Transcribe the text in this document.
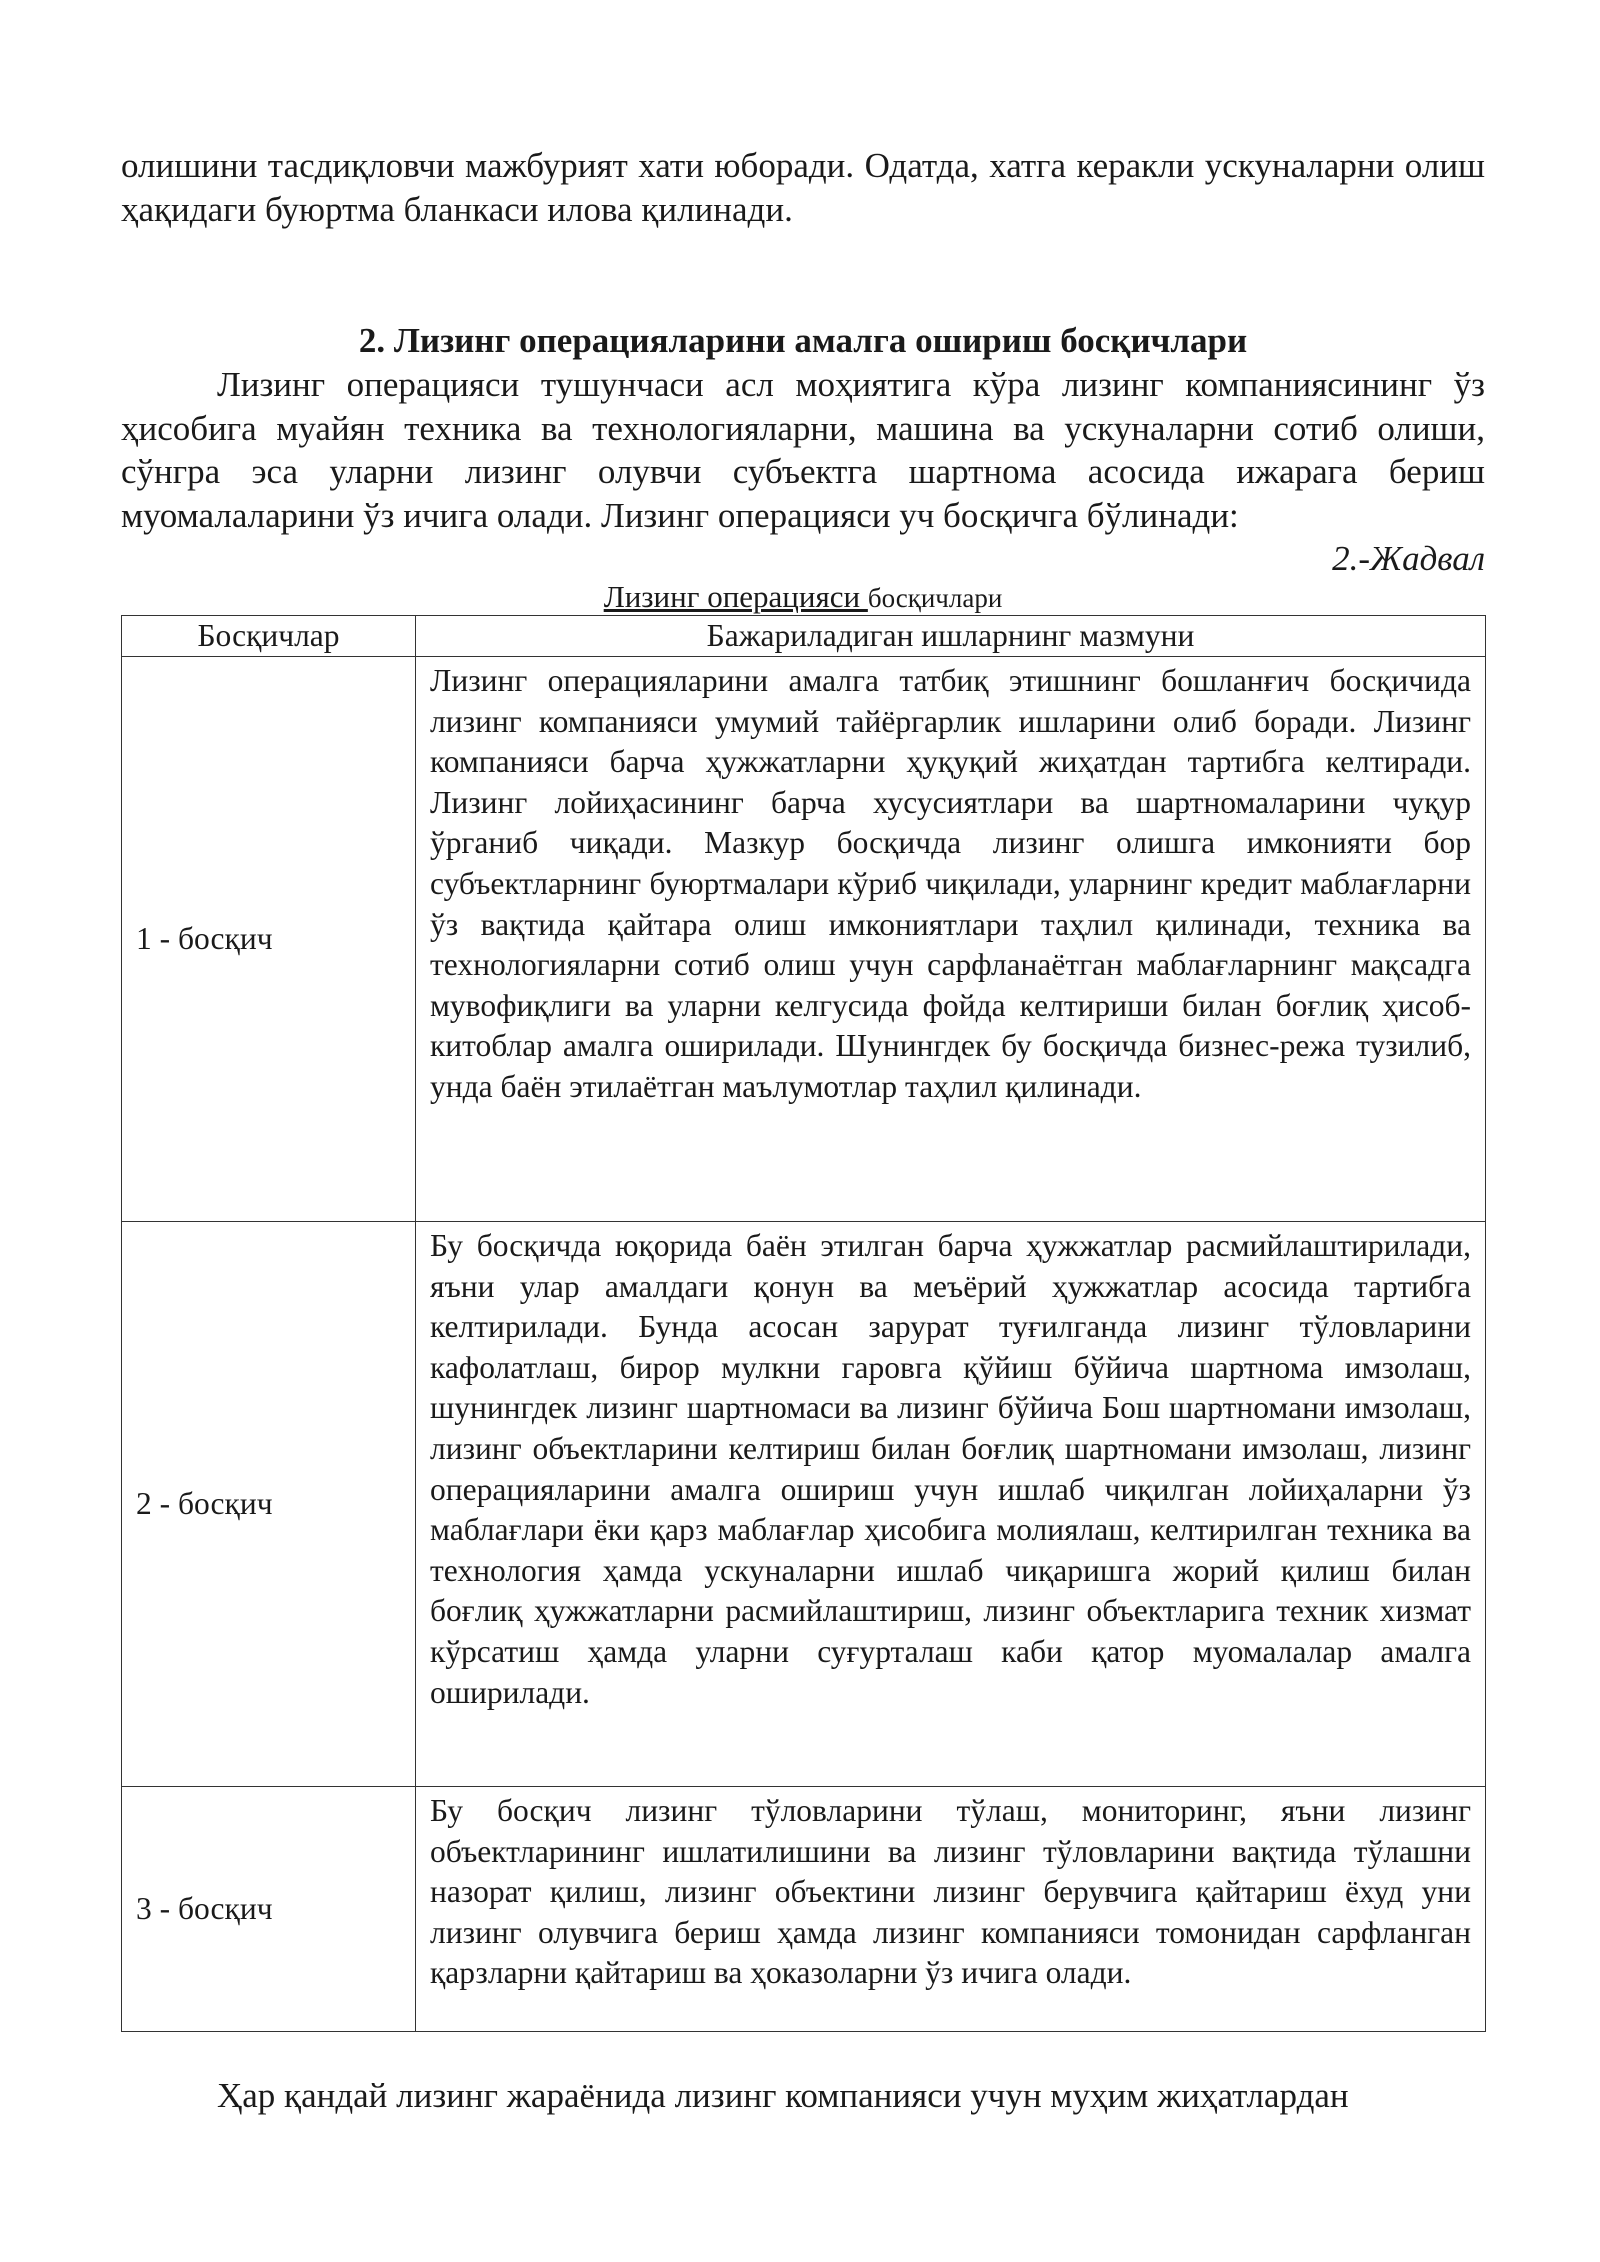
олишини тасдиқловчи мажбурият хати юборади. Одатда, хатга керакли ускуналарни олиш ҳақидаги буюртма бланкаси илова қилинади.

2. Лизинг операцияларини амалга ошириш босқичлари

Лизинг операцияси тушунчаси асл моҳиятига кўра лизинг компаниясининг ўз ҳисобига муайян техника ва технологияларни, машина ва ускуналарни сотиб олиши, сўнгра эса уларни лизинг олувчи субъектга шартнома асосида ижарага бериш муомалаларини ўз ичига олади. Лизинг операцияси уч босқичга бўлинади:

2.-Жадвал

Лизинг операцияси босқичлари

Босқичлар	Бажариладиган ишларнинг мазмуни
1 - босқич	Лизинг операцияларини амалга татбиқ этишнинг бошланғич босқичида лизинг компанияси умумий тайёргарлик ишларини олиб боради. Лизинг компанияси барча ҳужжатларни ҳуқуқий жиҳатдан тартибга келтиради. Лизинг лойиҳасининг барча хусусиятлари ва шартномаларини чуқур ўрганиб чиқади. Мазкур босқичда лизинг олишга имконияти бор субъектларнинг буюртмалари кўриб чиқилади, уларнинг кредит маблағларни ўз вақтида қайтара олиш имкониятлари таҳлил қилинади, техника ва технологияларни сотиб олиш учун сарфланаётган маблағларнинг мақсадга мувофиқлиги ва уларни келгусида фойда келтириши билан боғлиқ ҳисоб-китоблар амалга оширилади. Шунингдек бу босқичда бизнес-режа тузилиб, унда баён этилаётган маълумотлар таҳлил қилинади.

2 - босқич	Бу босқичда юқорида баён этилган барча ҳужжатлар расмийлаштирилади, яъни улар амалдаги қонун ва меъёрий ҳужжатлар асосида тартибга келтирилади. Бунда асосан зарурат туғилганда лизинг тўловларини кафолатлаш, бирор мулкни гаровга қўйиш бўйича шартнома имзолаш, шунингдек лизинг шартномаси ва лизинг бўйича Бош шартномани имзолаш, лизинг объектларини келтириш билан боғлиқ шартномани имзолаш, лизинг операцияларини амалга ошириш учун ишлаб чиқилган лойиҳаларни ўз маблағлари ёки қарз маблағлар ҳисобига молиялаш, келтирилган техника ва технология ҳамда ускуналарни ишлаб чиқаришга жорий қилиш билан боғлиқ ҳужжатларни расмийлаштириш, лизинг объектларига техник хизмат кўрсатиш ҳамда уларни суғурталаш каби қатор муомалалар амалга оширилади.

3 - босқич	Бу босқич лизинг тўловларини тўлаш, мониторинг, яъни лизинг объектларининг ишлатилишини ва лизинг тўловларини вақтида тўлашни назорат қилиш, лизинг объектини лизинг берувчига қайтариш ёхуд уни лизинг олувчига бериш ҳамда лизинг компанияси томонидан сарфланган қарзларни қайтариш ва ҳоказоларни ўз ичига олади.

Ҳар қандай лизинг жараёнида лизинг компанияси учун муҳим жиҳатлардан
